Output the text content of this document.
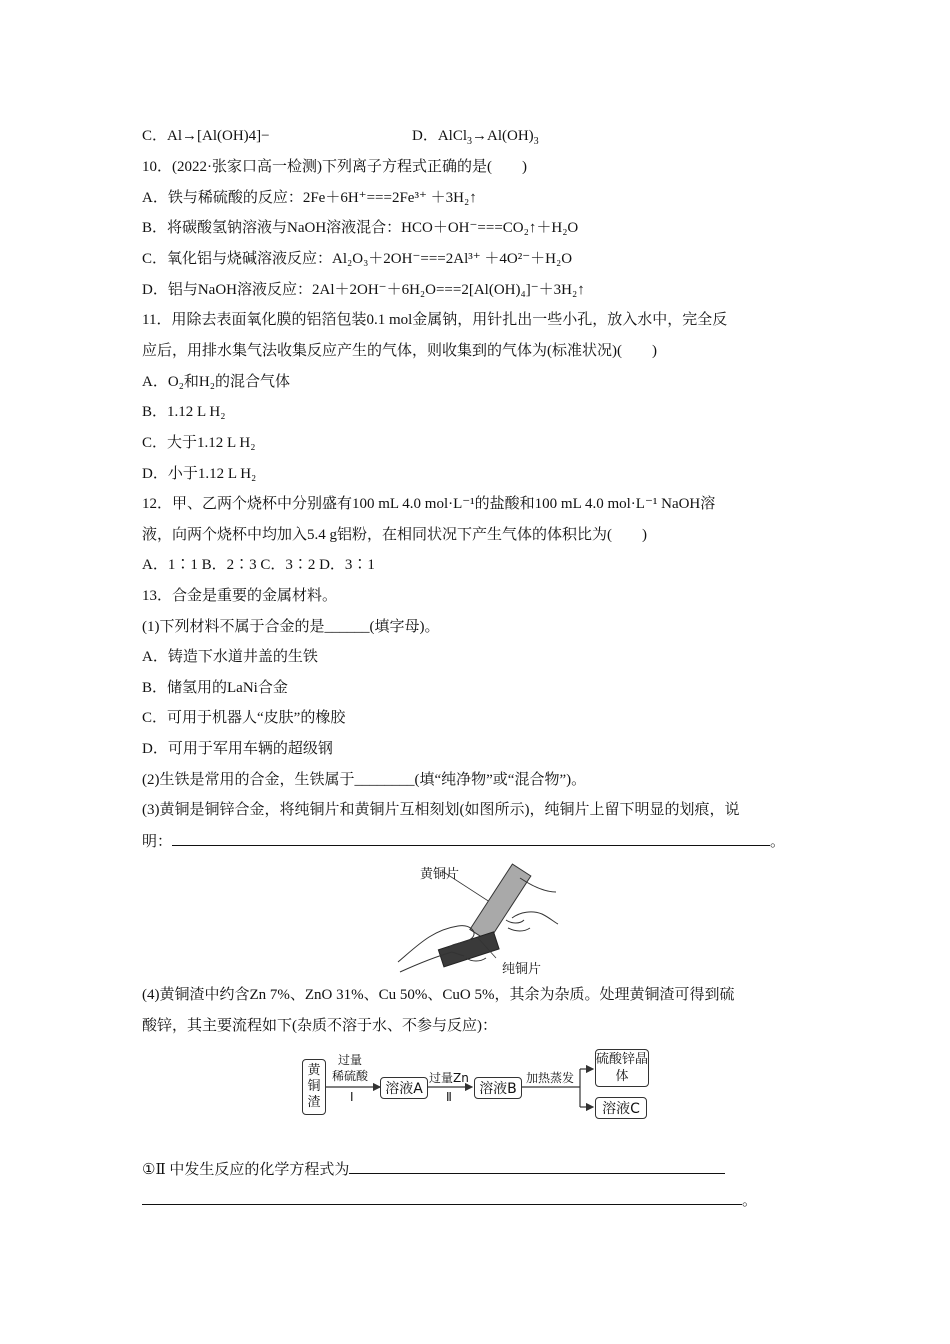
C．Al→[Al(OH)4]−	D．$AlCl_3\to Al(OH)_3$
10．(2022·张家口高一检测)下列离子方程式正确的是(　　)
A．铁与稀硫酸的反应：2Fe＋6H⁺===2Fe³⁺ ＋3H₂↑
B．将碳酸氢钠溶液与NaOH溶液混合：HCO＋OH⁻===CO₂↑＋H₂O
C．氧化铝与烧碱溶液反应：Al₂O₃＋2OH⁻===2Al³⁺ ＋4O²⁻＋H₂O
D．铝与NaOH溶液反应：2Al＋2OH⁻＋6H₂O===2[Al(OH)₄]⁻＋3H₂↑
11．用除去表面氧化膜的铝箔包装0.1 mol金属钠，用针扎出一些小孔，放入水中，完全反
应后，用排水集气法收集反应产生的气体，则收集到的气体为(标准状况)(　　)
A．O₂和H₂的混合气体
B．1.12 L H₂
C．大于1.12 L H₂
D．小于1.12 L H₂
12．甲、乙两个烧杯中分别盛有100 mL 4.0 mol·L⁻¹的盐酸和100 mL 4.0 mol·L⁻¹ NaOH溶
液，向两个烧杯中均加入5.4 g铝粉，在相同状况下产生气体的体积比为(　　)
A．1∶1 B．2∶3 C．3∶2 D．3∶1
13．合金是重要的金属材料。
(1)下列材料不属于合金的是______(填字母)。
A．铸造下水道井盖的生铁
B．储氢用的LaNi合金
C．可用于机器人“皮肤”的橡胶
D．可用于军用车辆的超级钢
(2)生铁是常用的合金，生铁属于________(填“纯净物”或“混合物”)。
(3)黄铜是铜锌合金，将纯铜片和黄铜片互相刻划(如图所示)，纯铜片上留下明显的划痕，说
明：	。
黄铜片
纯铜片
(4)黄铜渣中约含Zn 7%、ZnO 31%、Cu 50%、CuO 5%，其余为杂质。处理黄铜渣可得到硫
酸锌，其主要流程如下(杂质不溶于水、不参与反应)：
黄铜渣
过量
稀硫酸
Ⅰ	溶液A
过量Zn
Ⅱ	溶液B
加热蒸发
硫酸锌晶体
溶液C
①Ⅱ 中发生反应的化学方程式为
。
